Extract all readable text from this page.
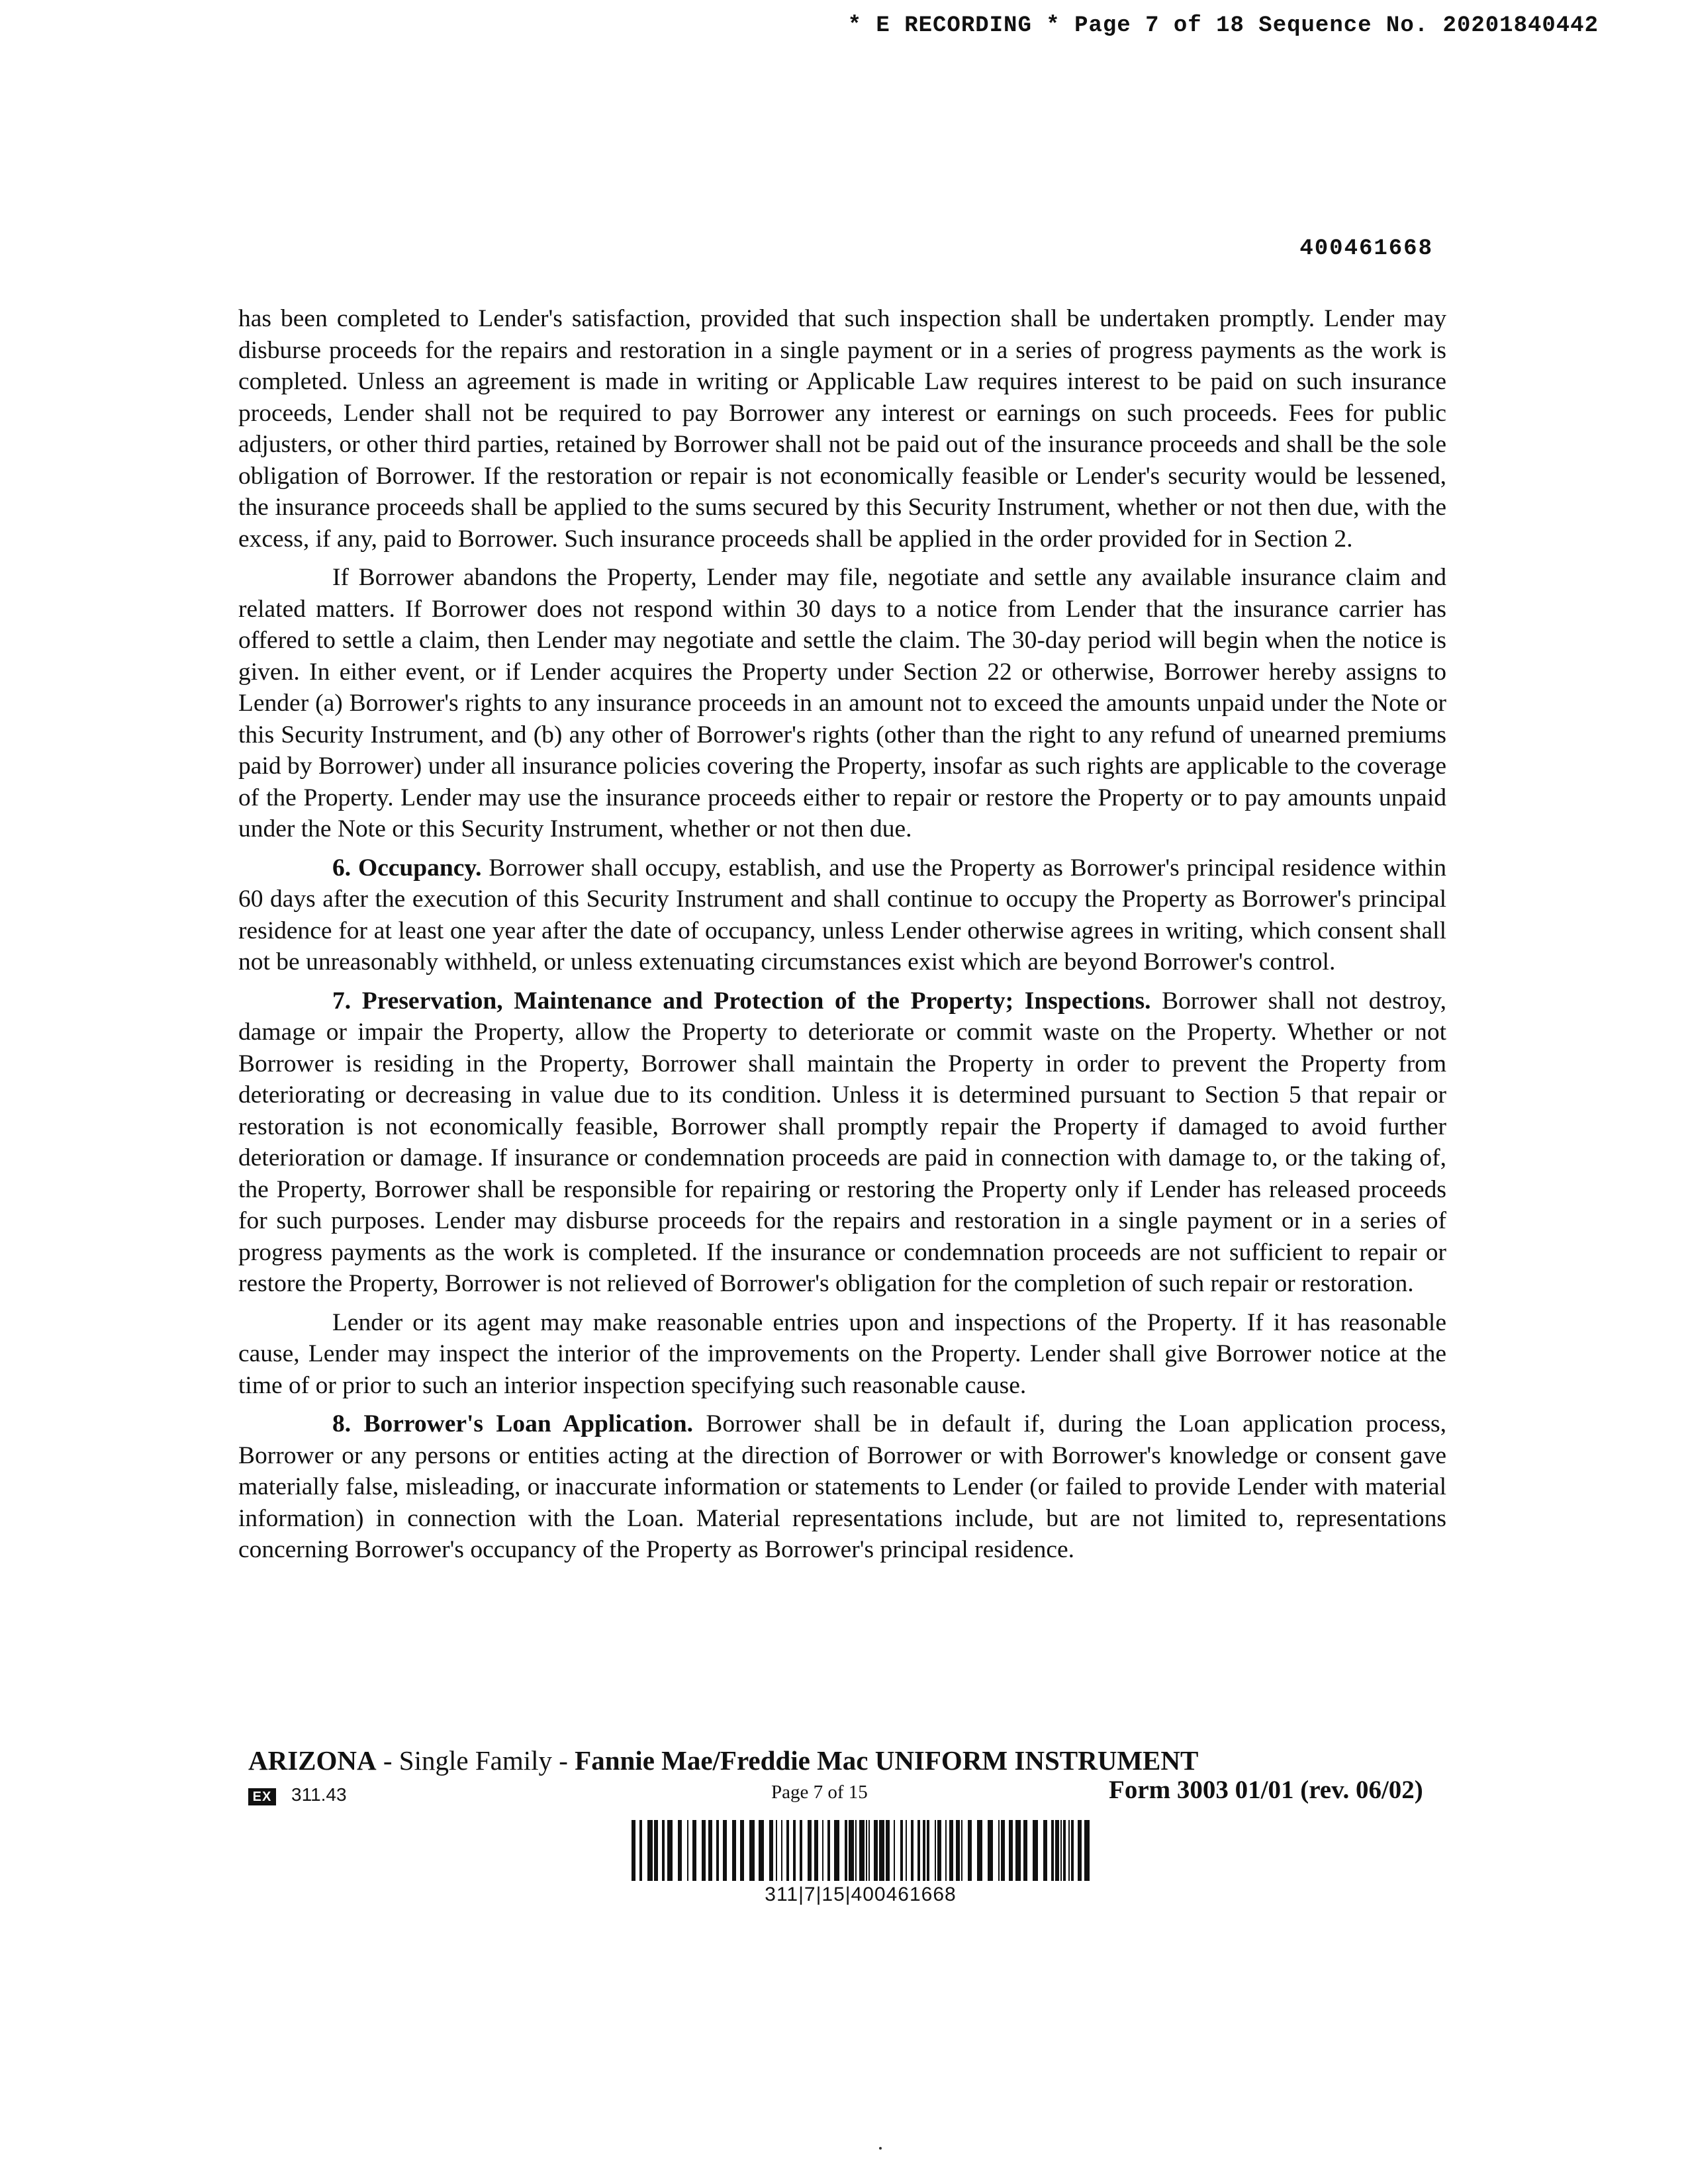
* E RECORDING * Page 7 of 18 Sequence No. 20201840442
400461668

has been completed to Lender's satisfaction, provided that such inspection shall be undertaken promptly. Lender may disburse proceeds for the repairs and restoration in a single payment or in a series of progress payments as the work is completed. Unless an agreement is made in writing or Applicable Law requires interest to be paid on such insurance proceeds, Lender shall not be required to pay Borrower any interest or earnings on such proceeds. Fees for public adjusters, or other third parties, retained by Borrower shall not be paid out of the insurance proceeds and shall be the sole obligation of Borrower. If the restoration or repair is not economically feasible or Lender's security would be lessened, the insurance proceeds shall be applied to the sums secured by this Security Instrument, whether or not then due, with the excess, if any, paid to Borrower. Such insurance proceeds shall be applied in the order provided for in Section 2.

If Borrower abandons the Property, Lender may file, negotiate and settle any available insurance claim and related matters. If Borrower does not respond within 30 days to a notice from Lender that the insurance carrier has offered to settle a claim, then Lender may negotiate and settle the claim. The 30-day period will begin when the notice is given. In either event, or if Lender acquires the Property under Section 22 or otherwise, Borrower hereby assigns to Lender (a) Borrower's rights to any insurance proceeds in an amount not to exceed the amounts unpaid under the Note or this Security Instrument, and (b) any other of Borrower's rights (other than the right to any refund of unearned premiums paid by Borrower) under all insurance policies covering the Property, insofar as such rights are applicable to the coverage of the Property. Lender may use the insurance proceeds either to repair or restore the Property or to pay amounts unpaid under the Note or this Security Instrument, whether or not then due.

6. Occupancy. Borrower shall occupy, establish, and use the Property as Borrower's principal residence within 60 days after the execution of this Security Instrument and shall continue to occupy the Property as Borrower's principal residence for at least one year after the date of occupancy, unless Lender otherwise agrees in writing, which consent shall not be unreasonably withheld, or unless extenuating circumstances exist which are beyond Borrower's control.

7. Preservation, Maintenance and Protection of the Property; Inspections. Borrower shall not destroy, damage or impair the Property, allow the Property to deteriorate or commit waste on the Property. Whether or not Borrower is residing in the Property, Borrower shall maintain the Property in order to prevent the Property from deteriorating or decreasing in value due to its condition. Unless it is determined pursuant to Section 5 that repair or restoration is not economically feasible, Borrower shall promptly repair the Property if damaged to avoid further deterioration or damage. If insurance or condemnation proceeds are paid in connection with damage to, or the taking of, the Property, Borrower shall be responsible for repairing or restoring the Property only if Lender has released proceeds for such purposes. Lender may disburse proceeds for the repairs and restoration in a single payment or in a series of progress payments as the work is completed. If the insurance or condemnation proceeds are not sufficient to repair or restore the Property, Borrower is not relieved of Borrower's obligation for the completion of such repair or restoration.

Lender or its agent may make reasonable entries upon and inspections of the Property. If it has reasonable cause, Lender may inspect the interior of the improvements on the Property. Lender shall give Borrower notice at the time of or prior to such an interior inspection specifying such reasonable cause.

8. Borrower's Loan Application. Borrower shall be in default if, during the Loan application process, Borrower or any persons or entities acting at the direction of Borrower or with Borrower's knowledge or consent gave materially false, misleading, or inaccurate information or statements to Lender (or failed to provide Lender with material information) in connection with the Loan. Material representations include, but are not limited to, representations concerning Borrower's occupancy of the Property as Borrower's principal residence.

ARIZONA - Single Family - Fannie Mae/Freddie Mac UNIFORM INSTRUMENT
EX 311.43	Page 7 of 15	Form 3003 01/01 (rev. 06/02)
311|7|15|400461668
